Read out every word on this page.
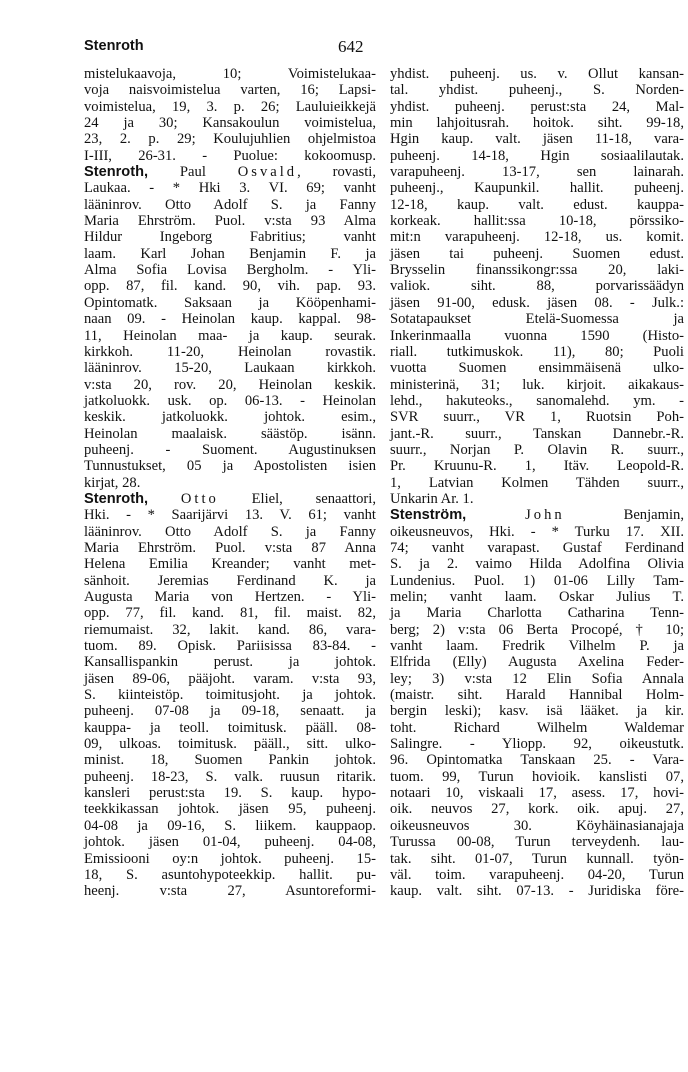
Stenroth	642
mistelukaavoja, 10; Voimistelukaa-
voja naisvoimistelua varten, 16; Lapsi-
voimistelua, 19, 3. p. 26; Lauluieikkejä
24 ja 30; Kansakoulun voimistelua,
23, 2. p. 29; Koulujuhlien ohjelmistoa
I-III, 26-31. - Puolue: kokoomusp.
Stenroth, Paul Osvald, rovasti,
Laukaa. - * Hki 3. VI. 69; vanht
lääninrov. Otto Adolf S. ja Fanny
Maria Ehrström. Puol. v:sta 93 Alma
Hildur Ingeborg Fabritius; vanht
laam. Karl Johan Benjamin F. ja
Alma Sofia Lovisa Bergholm. - Yli-
opp. 87, fil. kand. 90, vih. pap. 93.
Opintomatk. Saksaan ja Kööpenhami-
naan 09. - Heinolan kaup. kappal. 98-
11, Heinolan maa- ja kaup. seurak.
kirkkoh. 11-20, Heinolan rovastik.
lääninrov. 15-20, Laukaan kirkkoh.
v:sta 20, rov. 20, Heinolan keskik.
jatkoluokk. usk. op. 06-13. - Heinolan
keskik. jatkoluokk. johtok. esim.,
Heinolan maalaisk. säästöp. isänn.
puheenj. - Suoment. Augustinuksen
Tunnustukset, 05 ja Apostolisten isien
kirjat, 28.
Stenroth, Otto Eliel, senaattori,
Hki. - * Saarijärvi 13. V. 61; vanht
lääninrov. Otto Adolf S. ja Fanny
Maria Ehrström. Puol. v:sta 87 Anna
Helena Emilia Kreander; vanht met-
sänhoit. Jeremias Ferdinand K. ja
Augusta Maria von Hertzen. - Yli-
opp. 77, fil. kand. 81, fil. maist. 82,
riemumaist. 32, lakit. kand. 86, vara-
tuom. 89. Opisk. Pariisissa 83-84. -
Kansallispankin perust. ja johtok.
jäsen 89-06, pääjoht. varam. v:sta 93,
S. kiinteistöp. toimitusjoht. ja johtok.
puheenj. 07-08 ja 09-18, senaatt. ja
kauppa- ja teoll. toimitusk. pääll. 08-
09, ulkoas. toimitusk. pääll., sitt. ulko-
minist. 18, Suomen Pankin johtok.
puheenj. 18-23, S. valk. ruusun ritarik.
kansleri perust:sta 19. S. kaup. hypo-
teekkikassan johtok. jäsen 95, puheenj.
04-08 ja 09-16, S. liikem. kauppaop.
johtok. jäsen 01-04, puheenj. 04-08,
Emissiooni oy:n johtok. puheenj. 15-
18, S. asuntohypoteekkip. hallit. pu-
heenj. v:sta 27, Asuntoreformi-
yhdist. puheenj. us. v. Ollut kansan-
tal. yhdist. puheenj., S. Norden-
yhdist. puheenj. perust:sta 24, Mal-
min lahjoitusrah. hoitok. siht. 99-18,
Hgin kaup. valt. jäsen 11-18, vara-
puheenj. 14-18, Hgin sosiaalilautak.
varapuheenj. 13-17, sen lainarah.
puheenj., Kaupunkil. hallit. puheenj.
12-18, kaup. valt. edust. kauppa-
korkeak. hallit:ssa 10-18, pörssiko-
mit:n varapuheenj. 12-18, us. komit.
jäsen tai puheenj. Suomen edust.
Brysselin finanssikongr:ssa 20, laki-
valiok. siht. 88, porvarissäädyn
jäsen 91-00, edusk. jäsen 08. - Julk.:
Sotatapaukset Etelä-Suomessa ja
Inkerinmaalla vuonna 1590 (Histo-
riall. tutkimuskok. 11), 80; Puoli
vuotta Suomen ensimmäisenä ulko-
ministerinä, 31; luk. kirjoit. aikakaus-
lehd., hakuteoks., sanomalehd. ym. -
SVR suurr., VR 1, Ruotsin Poh-
jant.-R. suurr., Tanskan Dannebr.-R.
suurr., Norjan P. Olavin R. suurr.,
Pr. Kruunu-R. 1, Itäv. Leopold-R.
1, Latvian Kolmen Tähden suurr.,
Unkarin Ar. 1.
Stenström,	John Benjamin,
oikeusneuvos, Hki. - * Turku 17. XII.
74; vanht varapast. Gustaf Ferdinand
S. ja 2. vaimo Hilda Adolfina Olivia
Lundenius. Puol. 1) 01-06 Lilly Tam-
melin; vanht laam. Oskar Julius T.
ja Maria Charlotta Catharina Tenn-
berg; 2) v:sta 06 Berta Procopé, † 10;
vanht laam. Fredrik Vilhelm P. ja
Elfrida (Elly) Augusta Axelina Feder-
ley; 3) v:sta 12 Elin Sofia Annala
(maistr. siht. Harald Hannibal Holm-
bergin leski); kasv. isä lääket. ja kir.
toht. Richard Wilhelm Waldemar
Salingre. - Yliopp. 92, oikeustutk.
96. Opintomatka Tanskaan 25. - Vara-
tuom. 99, Turun hovioik. kanslisti 07,
notaari 10, viskaali 17, asess. 17, hovi-
oik. neuvos 27, kork. oik. apuj. 27,
oikeusneuvos 30. Köyhäinasianajaja
Turussa 00-08, Turun terveydenh. lau-
tak. siht. 01-07, Turun kunnall. työn-
väl. toim. varapuheenj. 04-20, Turun
kaup. valt. siht. 07-13. - Juridiska före-
